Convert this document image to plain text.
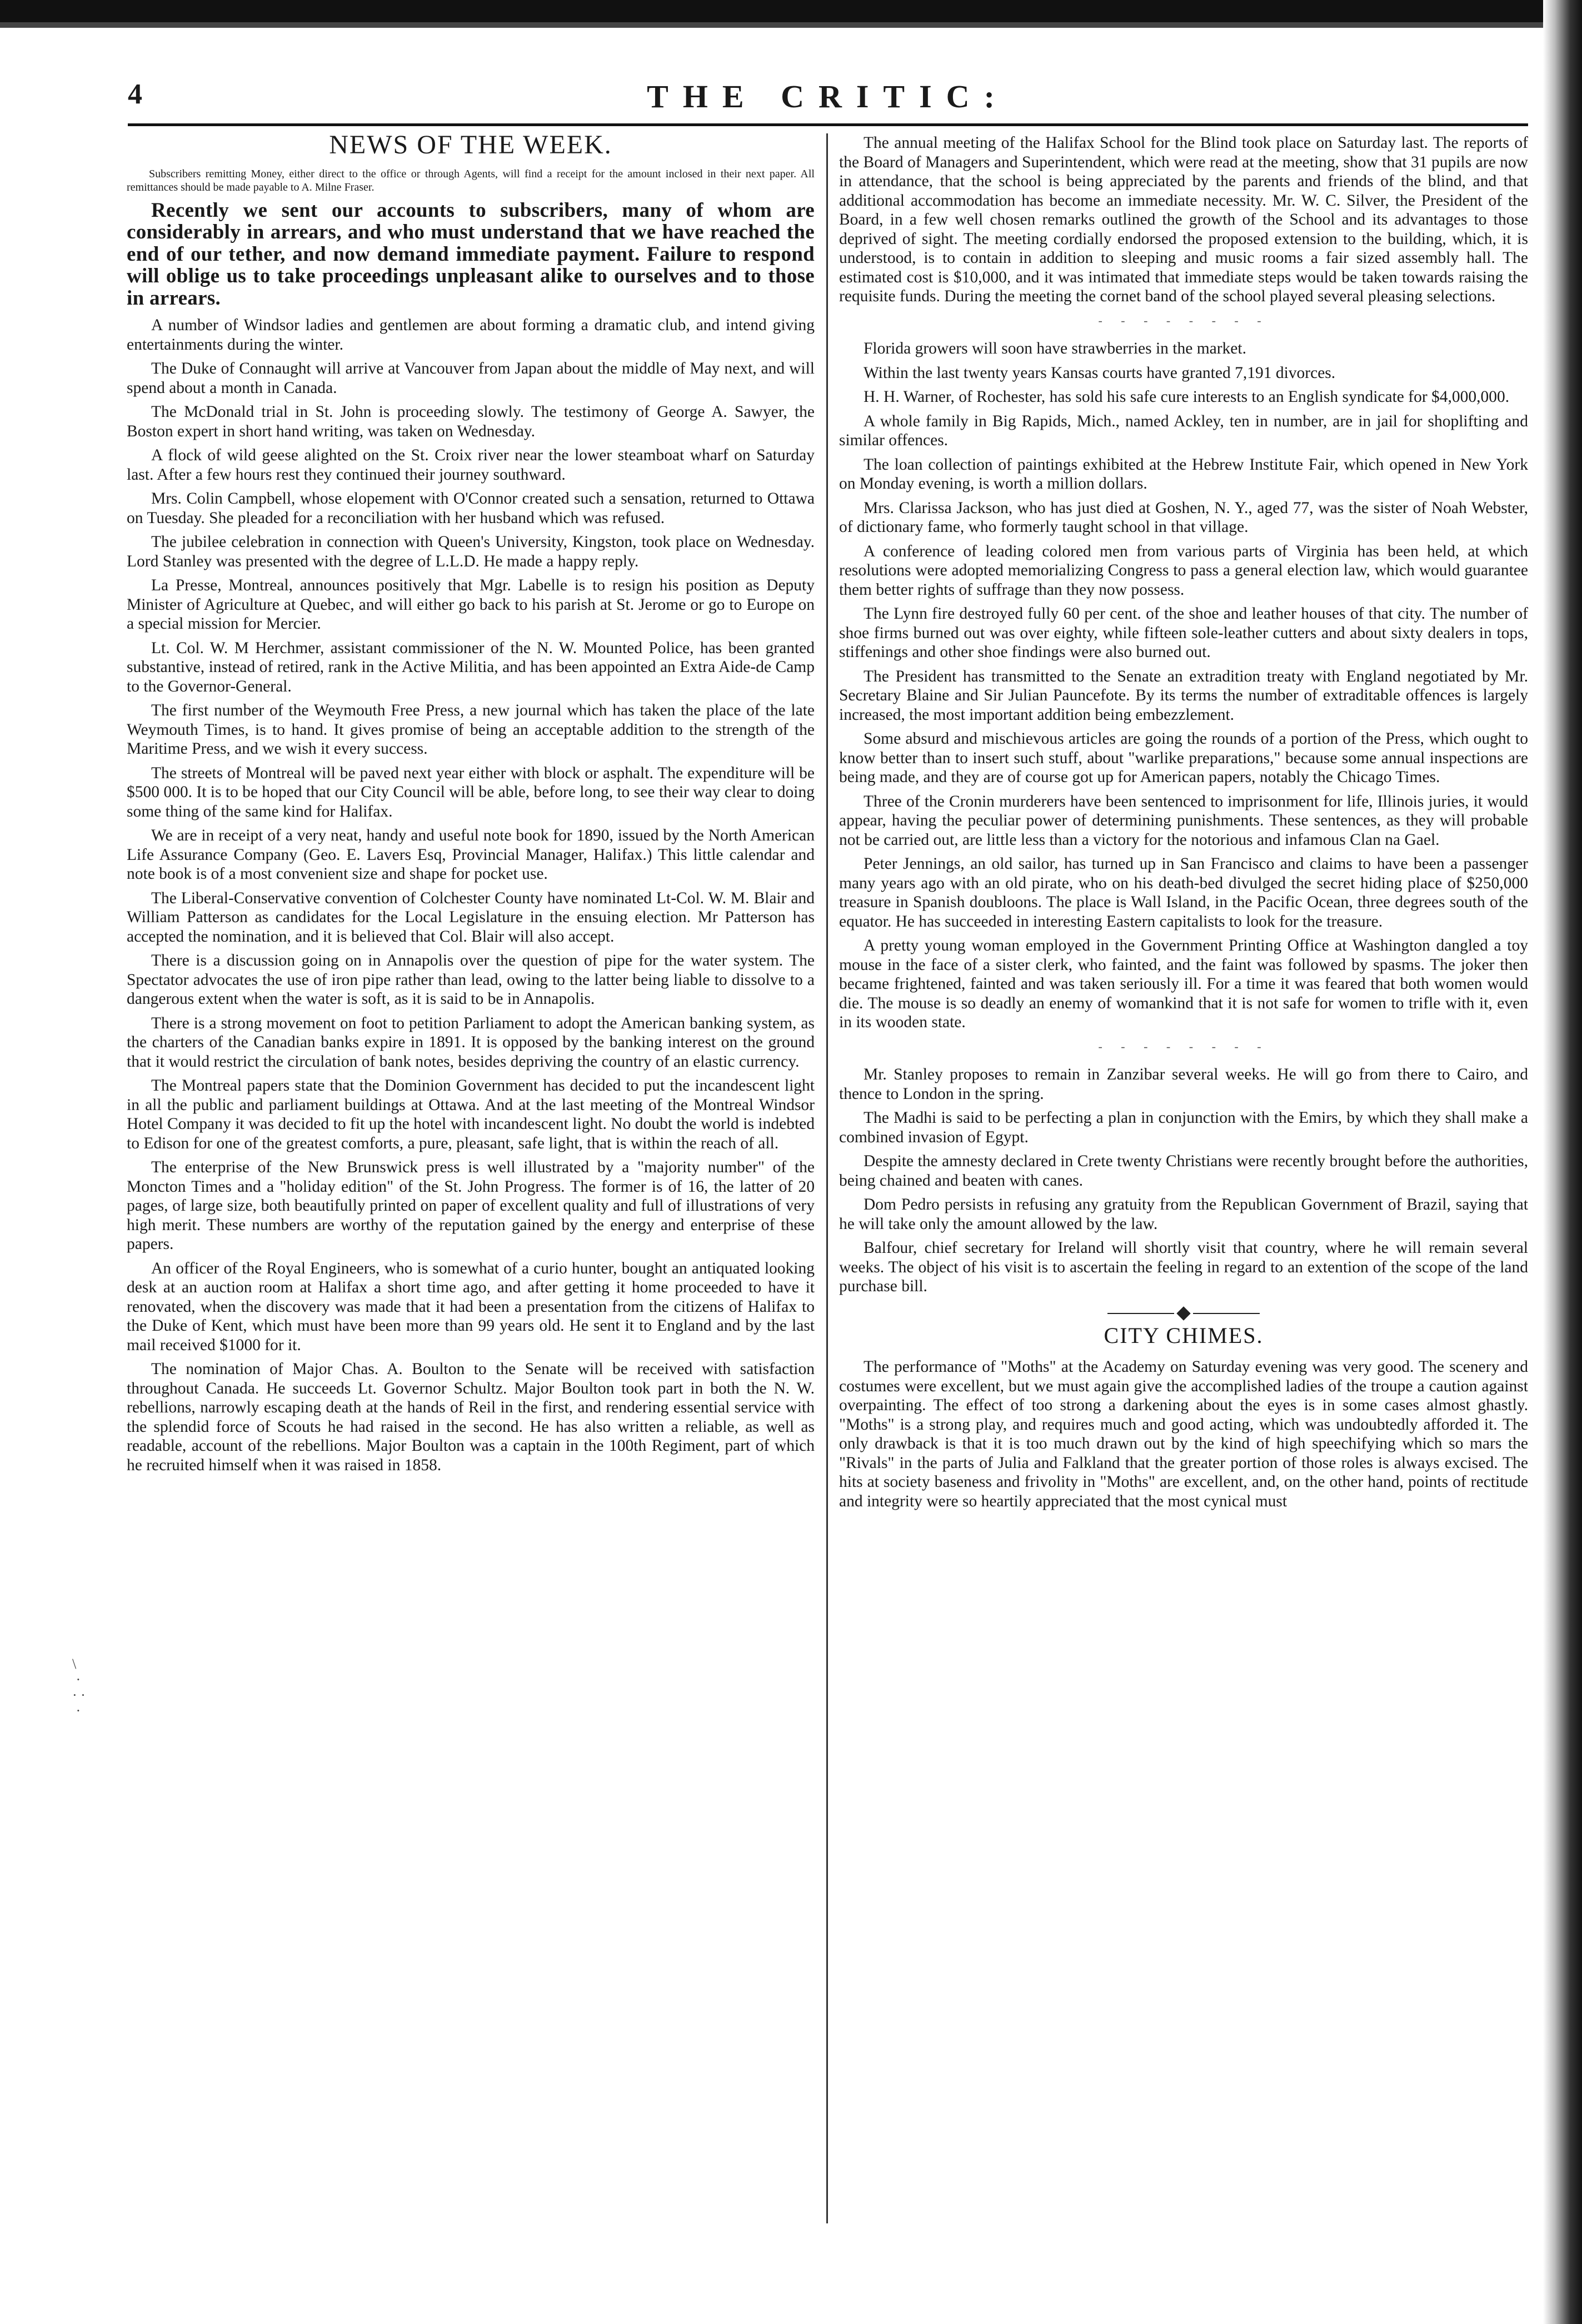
4	THE CRITIC:
\
·
· ·
·
NEWS OF THE WEEK.

Subscribers remitting Money, either direct to the office or through Agents, will find a receipt for the amount inclosed in their next paper. All remittances should be made payable to A. Milne Fraser.

Recently we sent our accounts to subscribers, many of whom are considerably in arrears, and who must understand that we have reached the end of our tether, and now demand immediate payment. Failure to respond will oblige us to take proceedings unpleasant alike to ourselves and to those in arrears.

A number of Windsor ladies and gentlemen are about forming a dramatic club, and intend giving entertainments during the winter.

The Duke of Connaught will arrive at Vancouver from Japan about the middle of May next, and will spend about a month in Canada.

The McDonald trial in St. John is proceeding slowly. The testimony of George A. Sawyer, the Boston expert in short hand writing, was taken on Wednesday.

A flock of wild geese alighted on the St. Croix river near the lower steamboat wharf on Saturday last. After a few hours rest they continued their journey southward.

Mrs. Colin Campbell, whose elopement with O'Connor created such a sensation, returned to Ottawa on Tuesday. She pleaded for a reconciliation with her husband which was refused.

The jubilee celebration in connection with Queen's University, Kingston, took place on Wednesday. Lord Stanley was presented with the degree of L.L.D. He made a happy reply.

La Presse, Montreal, announces positively that Mgr. Labelle is to resign his position as Deputy Minister of Agriculture at Quebec, and will either go back to his parish at St. Jerome or go to Europe on a special mission for Mercier.

Lt. Col. W. M Herchmer, assistant commissioner of the N. W. Mounted Police, has been granted substantive, instead of retired, rank in the Active Militia, and has been appointed an Extra Aide-de Camp to the Governor-General.

The first number of the Weymouth Free Press, a new journal which has taken the place of the late Weymouth Times, is to hand. It gives promise of being an acceptable addition to the strength of the Maritime Press, and we wish it every success.

The streets of Montreal will be paved next year either with block or asphalt. The expenditure will be $500 000. It is to be hoped that our City Council will be able, before long, to see their way clear to doing some thing of the same kind for Halifax.

We are in receipt of a very neat, handy and useful note book for 1890, issued by the North American Life Assurance Company (Geo. E. Lavers Esq, Provincial Manager, Halifax.) This little calendar and note book is of a most convenient size and shape for pocket use.

The Liberal-Conservative convention of Colchester County have nominated Lt-Col. W. M. Blair and William Patterson as candidates for the Local Legislature in the ensuing election. Mr Patterson has accepted the nomination, and it is believed that Col. Blair will also accept.

There is a discussion going on in Annapolis over the question of pipe for the water system. The Spectator advocates the use of iron pipe rather than lead, owing to the latter being liable to dissolve to a dangerous extent when the water is soft, as it is said to be in Annapolis.

There is a strong movement on foot to petition Parliament to adopt the American banking system, as the charters of the Canadian banks expire in 1891. It is opposed by the banking interest on the ground that it would restrict the circulation of bank notes, besides depriving the country of an elastic currency.

The Montreal papers state that the Dominion Government has decided to put the incandescent light in all the public and parliament buildings at Ottawa. And at the last meeting of the Montreal Windsor Hotel Company it was decided to fit up the hotel with incandescent light. No doubt the world is indebted to Edison for one of the greatest comforts, a pure, pleasant, safe light, that is within the reach of all.

The enterprise of the New Brunswick press is well illustrated by a "majority number" of the Moncton Times and a "holiday edition" of the St. John Progress. The former is of 16, the latter of 20 pages, of large size, both beautifully printed on paper of excellent quality and full of illustrations of very high merit. These numbers are worthy of the reputation gained by the energy and enterprise of these papers.

An officer of the Royal Engineers, who is somewhat of a curio hunter, bought an antiquated looking desk at an auction room at Halifax a short time ago, and after getting it home proceeded to have it renovated, when the discovery was made that it had been a presentation from the citizens of Halifax to the Duke of Kent, which must have been more than 99 years old. He sent it to England and by the last mail received $1000 for it.

The nomination of Major Chas. A. Boulton to the Senate will be received with satisfaction throughout Canada. He succeeds Lt. Governor Schultz. Major Boulton took part in both the N. W. rebellions, narrowly escaping death at the hands of Reil in the first, and rendering essential service with the splendid force of Scouts he had raised in the second. He has also written a reliable, as well as readable, account of the rebellions. Major Boulton was a captain in the 100th Regiment, part of which he recruited himself when it was raised in 1858.

The annual meeting of the Halifax School for the Blind took place on Saturday last. The reports of the Board of Managers and Superintendent, which were read at the meeting, show that 31 pupils are now in attendance, that the school is being appreciated by the parents and friends of the blind, and that additional accommodation has become an immediate necessity. Mr. W. C. Silver, the President of the Board, in a few well chosen remarks outlined the growth of the School and its advantages to those deprived of sight. The meeting cordially endorsed the proposed extension to the building, which, it is understood, is to contain in addition to sleeping and music rooms a fair sized assembly hall. The estimated cost is $10,000, and it was intimated that immediate steps would be taken towards raising the requisite funds. During the meeting the cornet band of the school played several pleasing selections.

- - - - - - - -

Florida growers will soon have strawberries in the market.

Within the last twenty years Kansas courts have granted 7,191 divorces.

H. H. Warner, of Rochester, has sold his safe cure interests to an English syndicate for $4,000,000.

A whole family in Big Rapids, Mich., named Ackley, ten in number, are in jail for shoplifting and similar offences.

The loan collection of paintings exhibited at the Hebrew Institute Fair, which opened in New York on Monday evening, is worth a million dollars.

Mrs. Clarissa Jackson, who has just died at Goshen, N. Y., aged 77, was the sister of Noah Webster, of dictionary fame, who formerly taught school in that village.

A conference of leading colored men from various parts of Virginia has been held, at which resolutions were adopted memorializing Congress to pass a general election law, which would guarantee them better rights of suffrage than they now possess.

The Lynn fire destroyed fully 60 per cent. of the shoe and leather houses of that city. The number of shoe firms burned out was over eighty, while fifteen sole-leather cutters and about sixty dealers in tops, stiffenings and other shoe findings were also burned out.

The President has transmitted to the Senate an extradition treaty with England negotiated by Mr. Secretary Blaine and Sir Julian Pauncefote. By its terms the number of extraditable offences is largely increased, the most important addition being embezzlement.

Some absurd and mischievous articles are going the rounds of a portion of the Press, which ought to know better than to insert such stuff, about "warlike preparations," because some annual inspections are being made, and they are of course got up for American papers, notably the Chicago Times.

Three of the Cronin murderers have been sentenced to imprisonment for life, Illinois juries, it would appear, having the peculiar power of determining punishments. These sentences, as they will probable not be carried out, are little less than a victory for the notorious and infamous Clan na Gael.

Peter Jennings, an old sailor, has turned up in San Francisco and claims to have been a passenger many years ago with an old pirate, who on his death-bed divulged the secret hiding place of $250,000 treasure in Spanish doubloons. The place is Wall Island, in the Pacific Ocean, three degrees south of the equator. He has succeeded in interesting Eastern capitalists to look for the treasure.

A pretty young woman employed in the Government Printing Office at Washington dangled a toy mouse in the face of a sister clerk, who fainted, and the faint was followed by spasms. The joker then became frightened, fainted and was taken seriously ill. For a time it was feared that both women would die. The mouse is so deadly an enemy of womankind that it is not safe for women to trifle with it, even in its wooden state.

- - - - - - - -

Mr. Stanley proposes to remain in Zanzibar several weeks. He will go from there to Cairo, and thence to London in the spring.

The Madhi is said to be perfecting a plan in conjunction with the Emirs, by which they shall make a combined invasion of Egypt.

Despite the amnesty declared in Crete twenty Christians were recently brought before the authorities, being chained and beaten with canes.

Dom Pedro persists in refusing any gratuity from the Republican Government of Brazil, saying that he will take only the amount allowed by the law.

Balfour, chief secretary for Ireland will shortly visit that country, where he will remain several weeks. The object of his visit is to ascertain the feeling in regard to an extention of the scope of the land purchase bill.

CITY CHIMES.

The performance of "Moths" at the Academy on Saturday evening was very good. The scenery and costumes were excellent, but we must again give the accomplished ladies of the troupe a caution against overpainting. The effect of too strong a darkening about the eyes is in some cases almost ghastly. "Moths" is a strong play, and requires much and good acting, which was undoubtedly afforded it. The only drawback is that it is too much drawn out by the kind of high speechifying which so mars the "Rivals" in the parts of Julia and Falkland that the greater portion of those roles is always excised. The hits at society baseness and frivolity in "Moths" are excellent, and, on the other hand, points of rectitude and integrity were so heartily appreciated that the most cynical must
